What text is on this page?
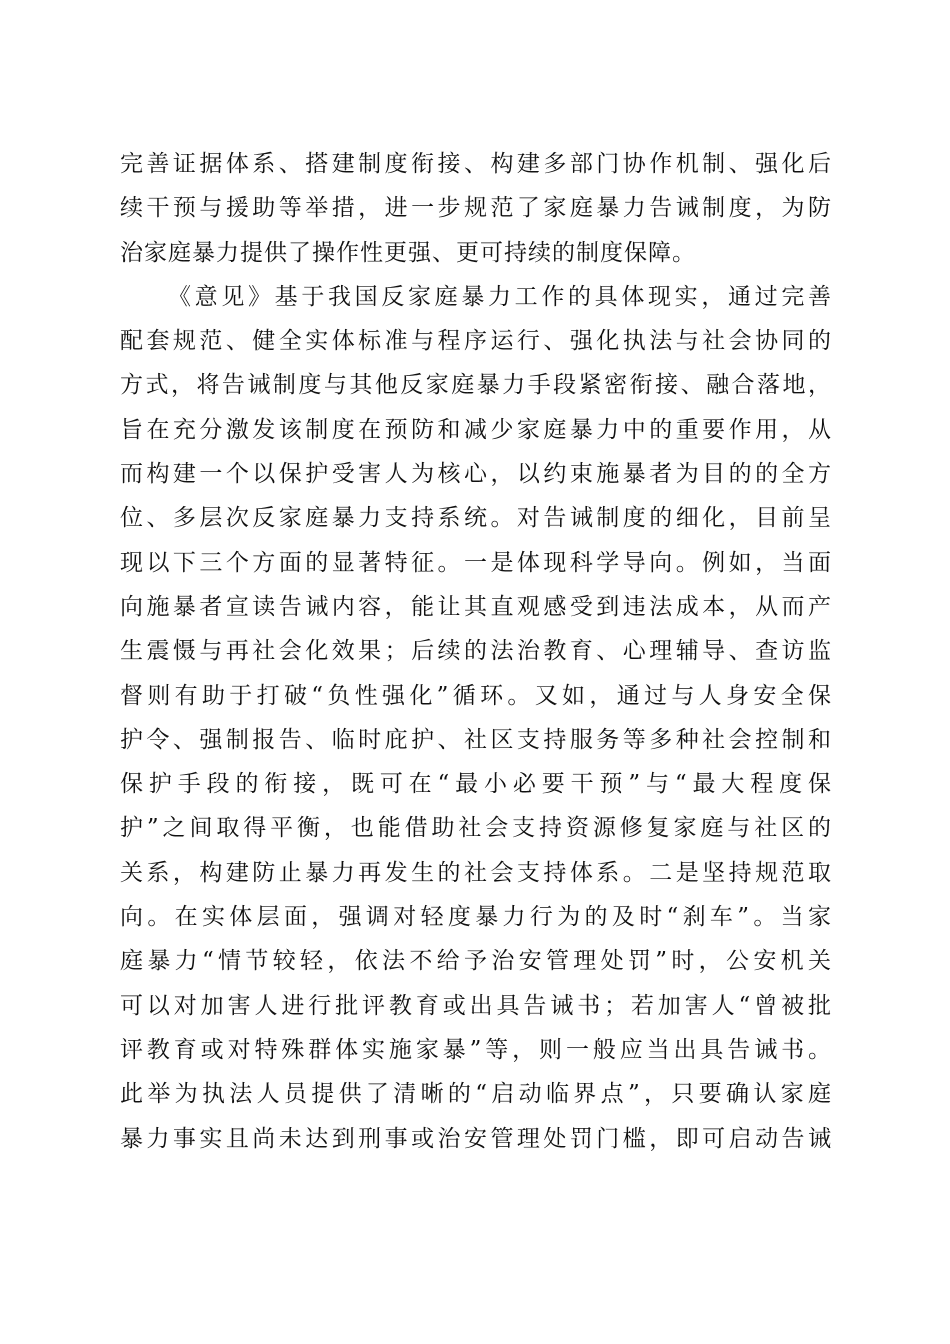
完善证据体系、搭建制度衔接、构建多部门协作机制、强化后
续干预与援助等举措，进一步规范了家庭暴力告诫制度，为防
治家庭暴力提供了操作性更强、更可持续的制度保障。
《意见》基于我国反家庭暴力工作的具体现实，通过完善
配套规范、健全实体标准与程序运行、强化执法与社会协同的
方式，将告诫制度与其他反家庭暴力手段紧密衔接、融合落地，
旨在充分激发该制度在预防和减少家庭暴力中的重要作用，从
而构建一个以保护受害人为核心，以约束施暴者为目的的全方
位、多层次反家庭暴力支持系统。对告诫制度的细化，目前呈
现以下三个方面的显著特征。一是体现科学导向。例如，当面
向施暴者宣读告诫内容，能让其直观感受到违法成本，从而产
生震慑与再社会化效果；后续的法治教育、心理辅导、查访监
督则有助于打破“负性强化”循环。又如，通过与人身安全保
护令、强制报告、临时庇护、社区支持服务等多种社会控制和
保护手段的衔接，既可在“最小必要干预”与“最大程度保
护”之间取得平衡，也能借助社会支持资源修复家庭与社区的
关系，构建防止暴力再发生的社会支持体系。二是坚持规范取
向。在实体层面，强调对轻度暴力行为的及时“刹车”。当家
庭暴力“情节较轻，依法不给予治安管理处罚”时，公安机关
可以对加害人进行批评教育或出具告诫书；若加害人“曾被批
评教育或对特殊群体实施家暴”等，则一般应当出具告诫书。
此举为执法人员提供了清晰的“启动临界点”，只要确认家庭
暴力事实且尚未达到刑事或治安管理处罚门槛，即可启动告诫
